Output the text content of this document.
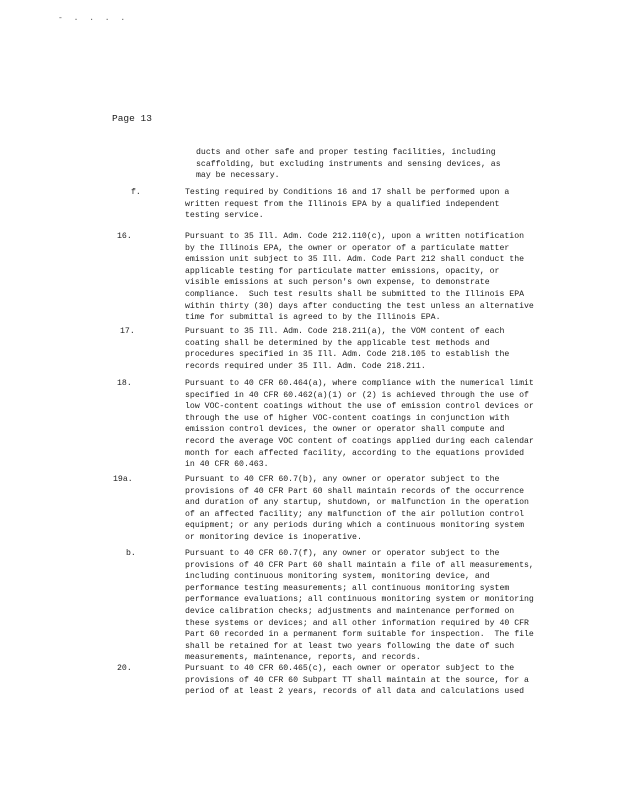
- . . . .
Page 13
ducts and other safe and proper testing facilities, including
scaffolding, but excluding instruments and sensing devices, as
may be necessary.
f.	Testing required by Conditions 16 and 17 shall be performed upon a
written request from the Illinois EPA by a qualified independent
testing service.
16.	Pursuant to 35 Ill. Adm. Code 212.110(c), upon a written notification
by the Illinois EPA, the owner or operator of a particulate matter
emission unit subject to 35 Ill. Adm. Code Part 212 shall conduct the
applicable testing for particulate matter emissions, opacity, or
visible emissions at such person's own expense, to demonstrate
compliance.  Such test results shall be submitted to the Illinois EPA
within thirty (30) days after conducting the test unless an alternative
time for submittal is agreed to by the Illinois EPA.
17.	Pursuant to 35 Ill. Adm. Code 218.211(a), the VOM content of each
coating shall be determined by the applicable test methods and
procedures specified in 35 Ill. Adm. Code 218.105 to establish the
records required under 35 Ill. Adm. Code 218.211.
18.	Pursuant to 40 CFR 60.464(a), where compliance with the numerical limit
specified in 40 CFR 60.462(a)(1) or (2) is achieved through the use of
low VOC-content coatings without the use of emission control devices or
through the use of higher VOC-content coatings in conjunction with
emission control devices, the owner or operator shall compute and
record the average VOC content of coatings applied during each calendar
month for each affected facility, according to the equations provided
in 40 CFR 60.463.
19a.	Pursuant to 40 CFR 60.7(b), any owner or operator subject to the
provisions of 40 CFR Part 60 shall maintain records of the occurrence
and duration of any startup, shutdown, or malfunction in the operation
of an affected facility; any malfunction of the air pollution control
equipment; or any periods during which a continuous monitoring system
or monitoring device is inoperative.
b.	Pursuant to 40 CFR 60.7(f), any owner or operator subject to the
provisions of 40 CFR Part 60 shall maintain a file of all measurements,
including continuous monitoring system, monitoring device, and
performance testing measurements; all continuous monitoring system
performance evaluations; all continuous monitoring system or monitoring
device calibration checks; adjustments and maintenance performed on
these systems or devices; and all other information required by 40 CFR
Part 60 recorded in a permanent form suitable for inspection.  The file
shall be retained for at least two years following the date of such
measurements, maintenance, reports, and records.
20.	Pursuant to 40 CFR 60.465(c), each owner or operator subject to the
provisions of 40 CFR 60 Subpart TT shall maintain at the source, for a
period of at least 2 years, records of all data and calculations used
